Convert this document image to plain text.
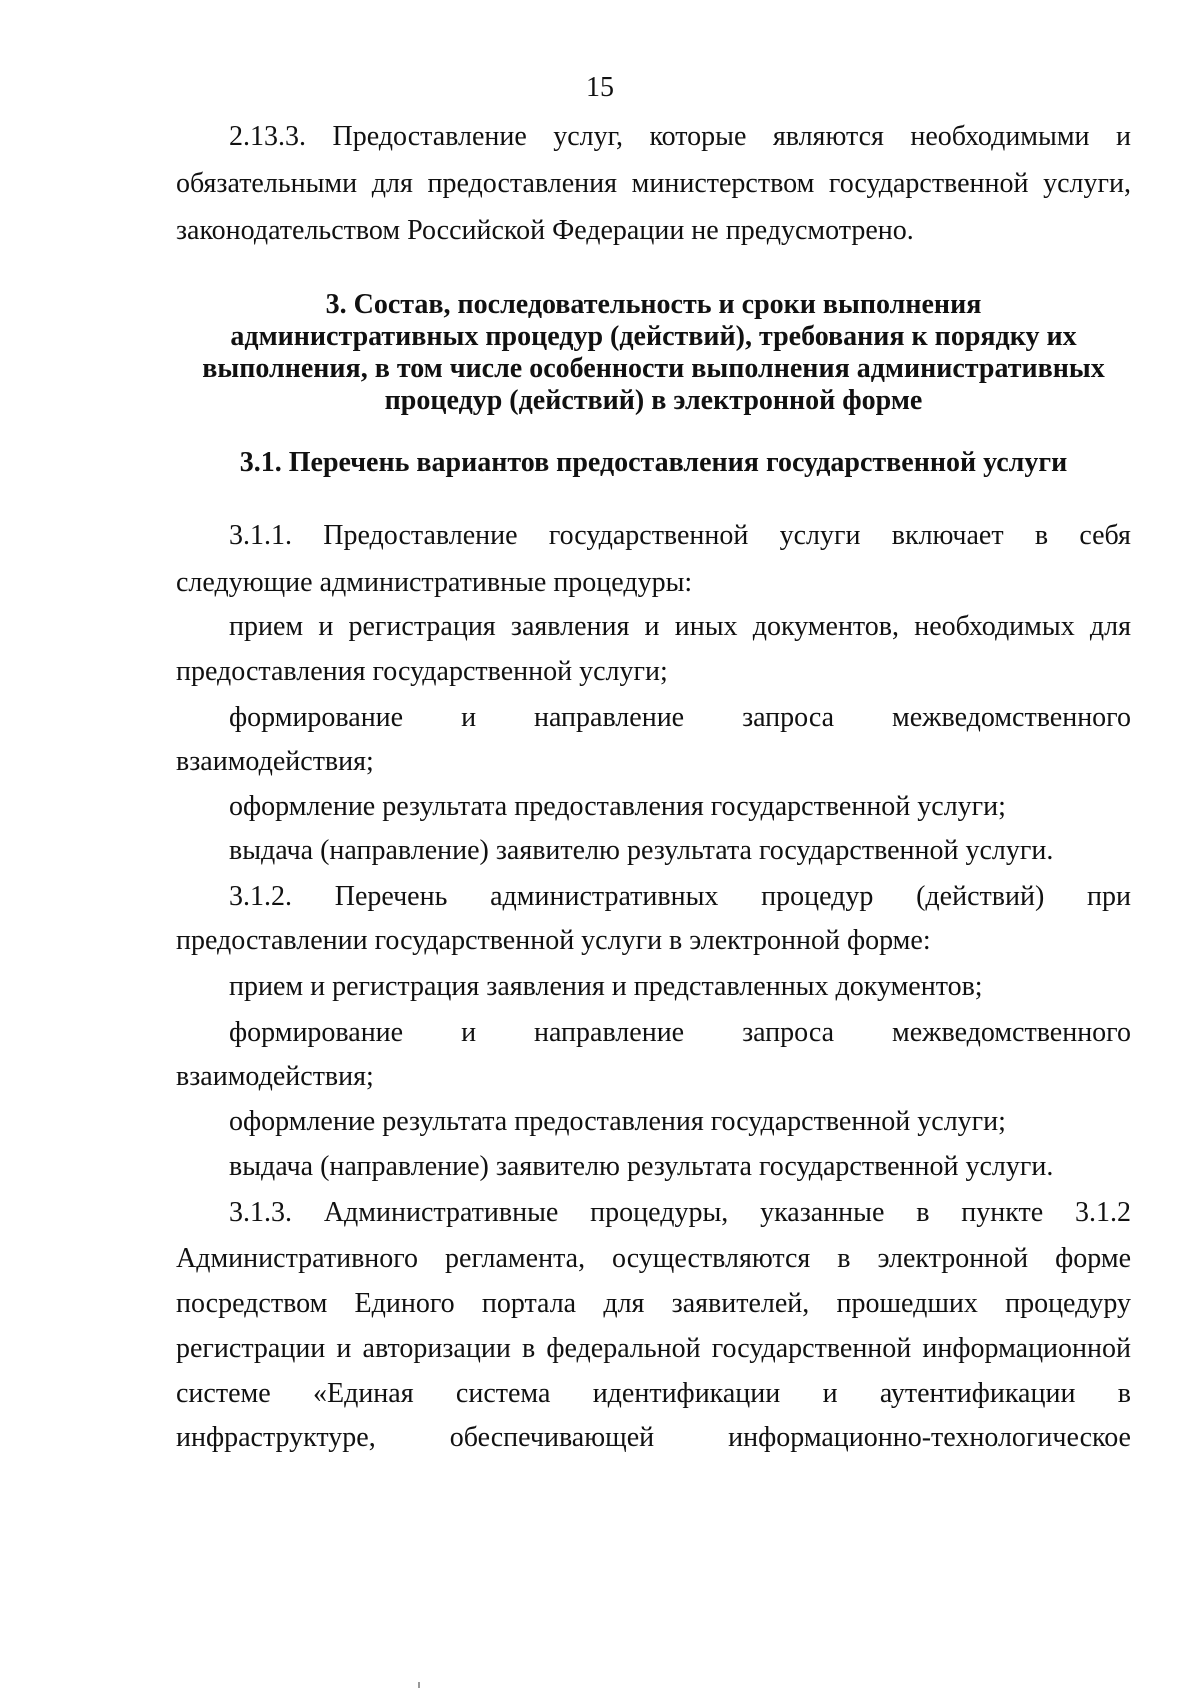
15
2.13.3. Предоставление услуг, которые являются необходимыми и
обязательными для предоставления министерством государственной услуги,
законодательством Российской Федерации не предусмотрено.
3. Состав, последовательность и сроки выполнения
административных процедур (действий), требования к порядку их
выполнения, в том числе особенности выполнения административных
процедур (действий) в электронной форме
3.1. Перечень вариантов предоставления государственной услуги
3.1.1. Предоставление государственной услуги включает в себя
следующие административные процедуры:
прием и регистрация заявления и иных документов, необходимых для
предоставления государственной услуги;
формирование и направление запроса межведомственного
взаимодействия;
оформление результата предоставления государственной услуги;
выдача (направление) заявителю результата государственной услуги.
3.1.2. Перечень административных процедур (действий) при
предоставлении государственной услуги в электронной форме:
прием и регистрация заявления и представленных документов;
формирование и направление запроса межведомственного
взаимодействия;
оформление результата предоставления государственной услуги;
выдача (направление) заявителю результата государственной услуги.
3.1.3. Административные процедуры, указанные в пункте 3.1.2
Административного регламента, осуществляются в электронной форме
посредством Единого портала для заявителей, прошедших процедуру
регистрации и авторизации в федеральной государственной информационной
системе «Единая система идентификации и аутентификации в
инфраструктуре,	обеспечивающей	информационно-технологическое
